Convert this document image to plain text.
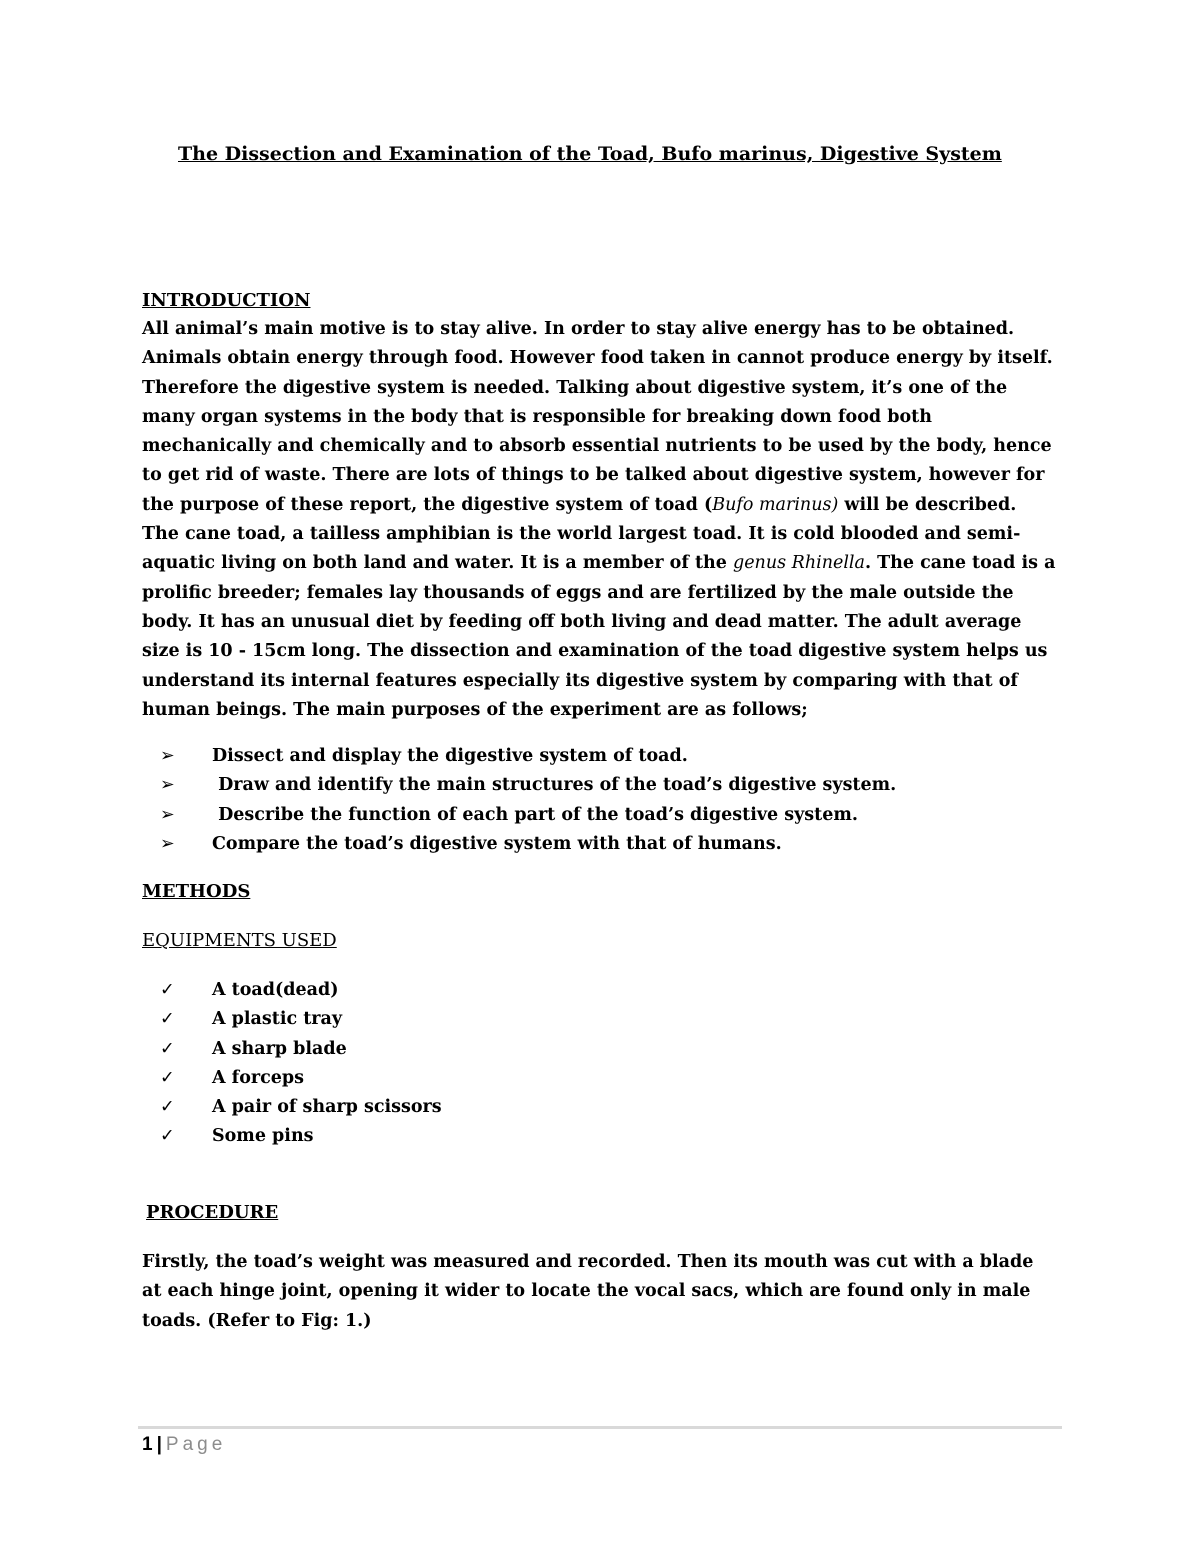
The Dissection and Examination of the Toad, Bufo marinus, Digestive System
INTRODUCTION

All animal’s main motive is to stay alive. In order to stay alive energy has to be obtained. Animals obtain energy through food. However food taken in cannot produce energy by itself. Therefore the digestive system is needed. Talking about digestive system, it’s one of the many organ systems in the body that is responsible for breaking down food both mechanically and chemically and to absorb essential nutrients to be used by the body, hence to get rid of waste. There are lots of things to be talked about digestive system, however for the purpose of these report, the digestive system of toad (Bufo marinus) will be described.

The cane toad, a tailless amphibian is the world largest toad. It is cold blooded and semi-aquatic living on both land and water. It is a member of the genus Rhinella. The cane toad is a prolific breeder; females lay thousands of eggs and are fertilized by the male outside the body. It has an unusual diet by feeding off both living and dead matter. The adult average size is 10 - 15cm long. The dissection and examination of the toad digestive system helps us understand its internal features especially its digestive system by comparing with that of human beings. The main purposes of the experiment are as follows;

➢ Dissect and display the digestive system of toad.
➢ Draw and identify the main structures of the toad’s digestive system.
➢ Describe the function of each part of the toad’s digestive system.
➢ Compare the toad’s digestive system with that of humans.
METHODS
EQUIPMENTS USED
✓ A toad(dead)
✓ A plastic tray
✓ A sharp blade
✓ A forceps
✓ A pair of sharp scissors
✓ Some pins
PROCEDURE

Firstly, the toad’s weight was measured and recorded. Then its mouth was cut with a blade at each hinge joint, opening it wider to locate the vocal sacs, which are found only in male toads. (Refer to Fig: 1.)

1 | Page
